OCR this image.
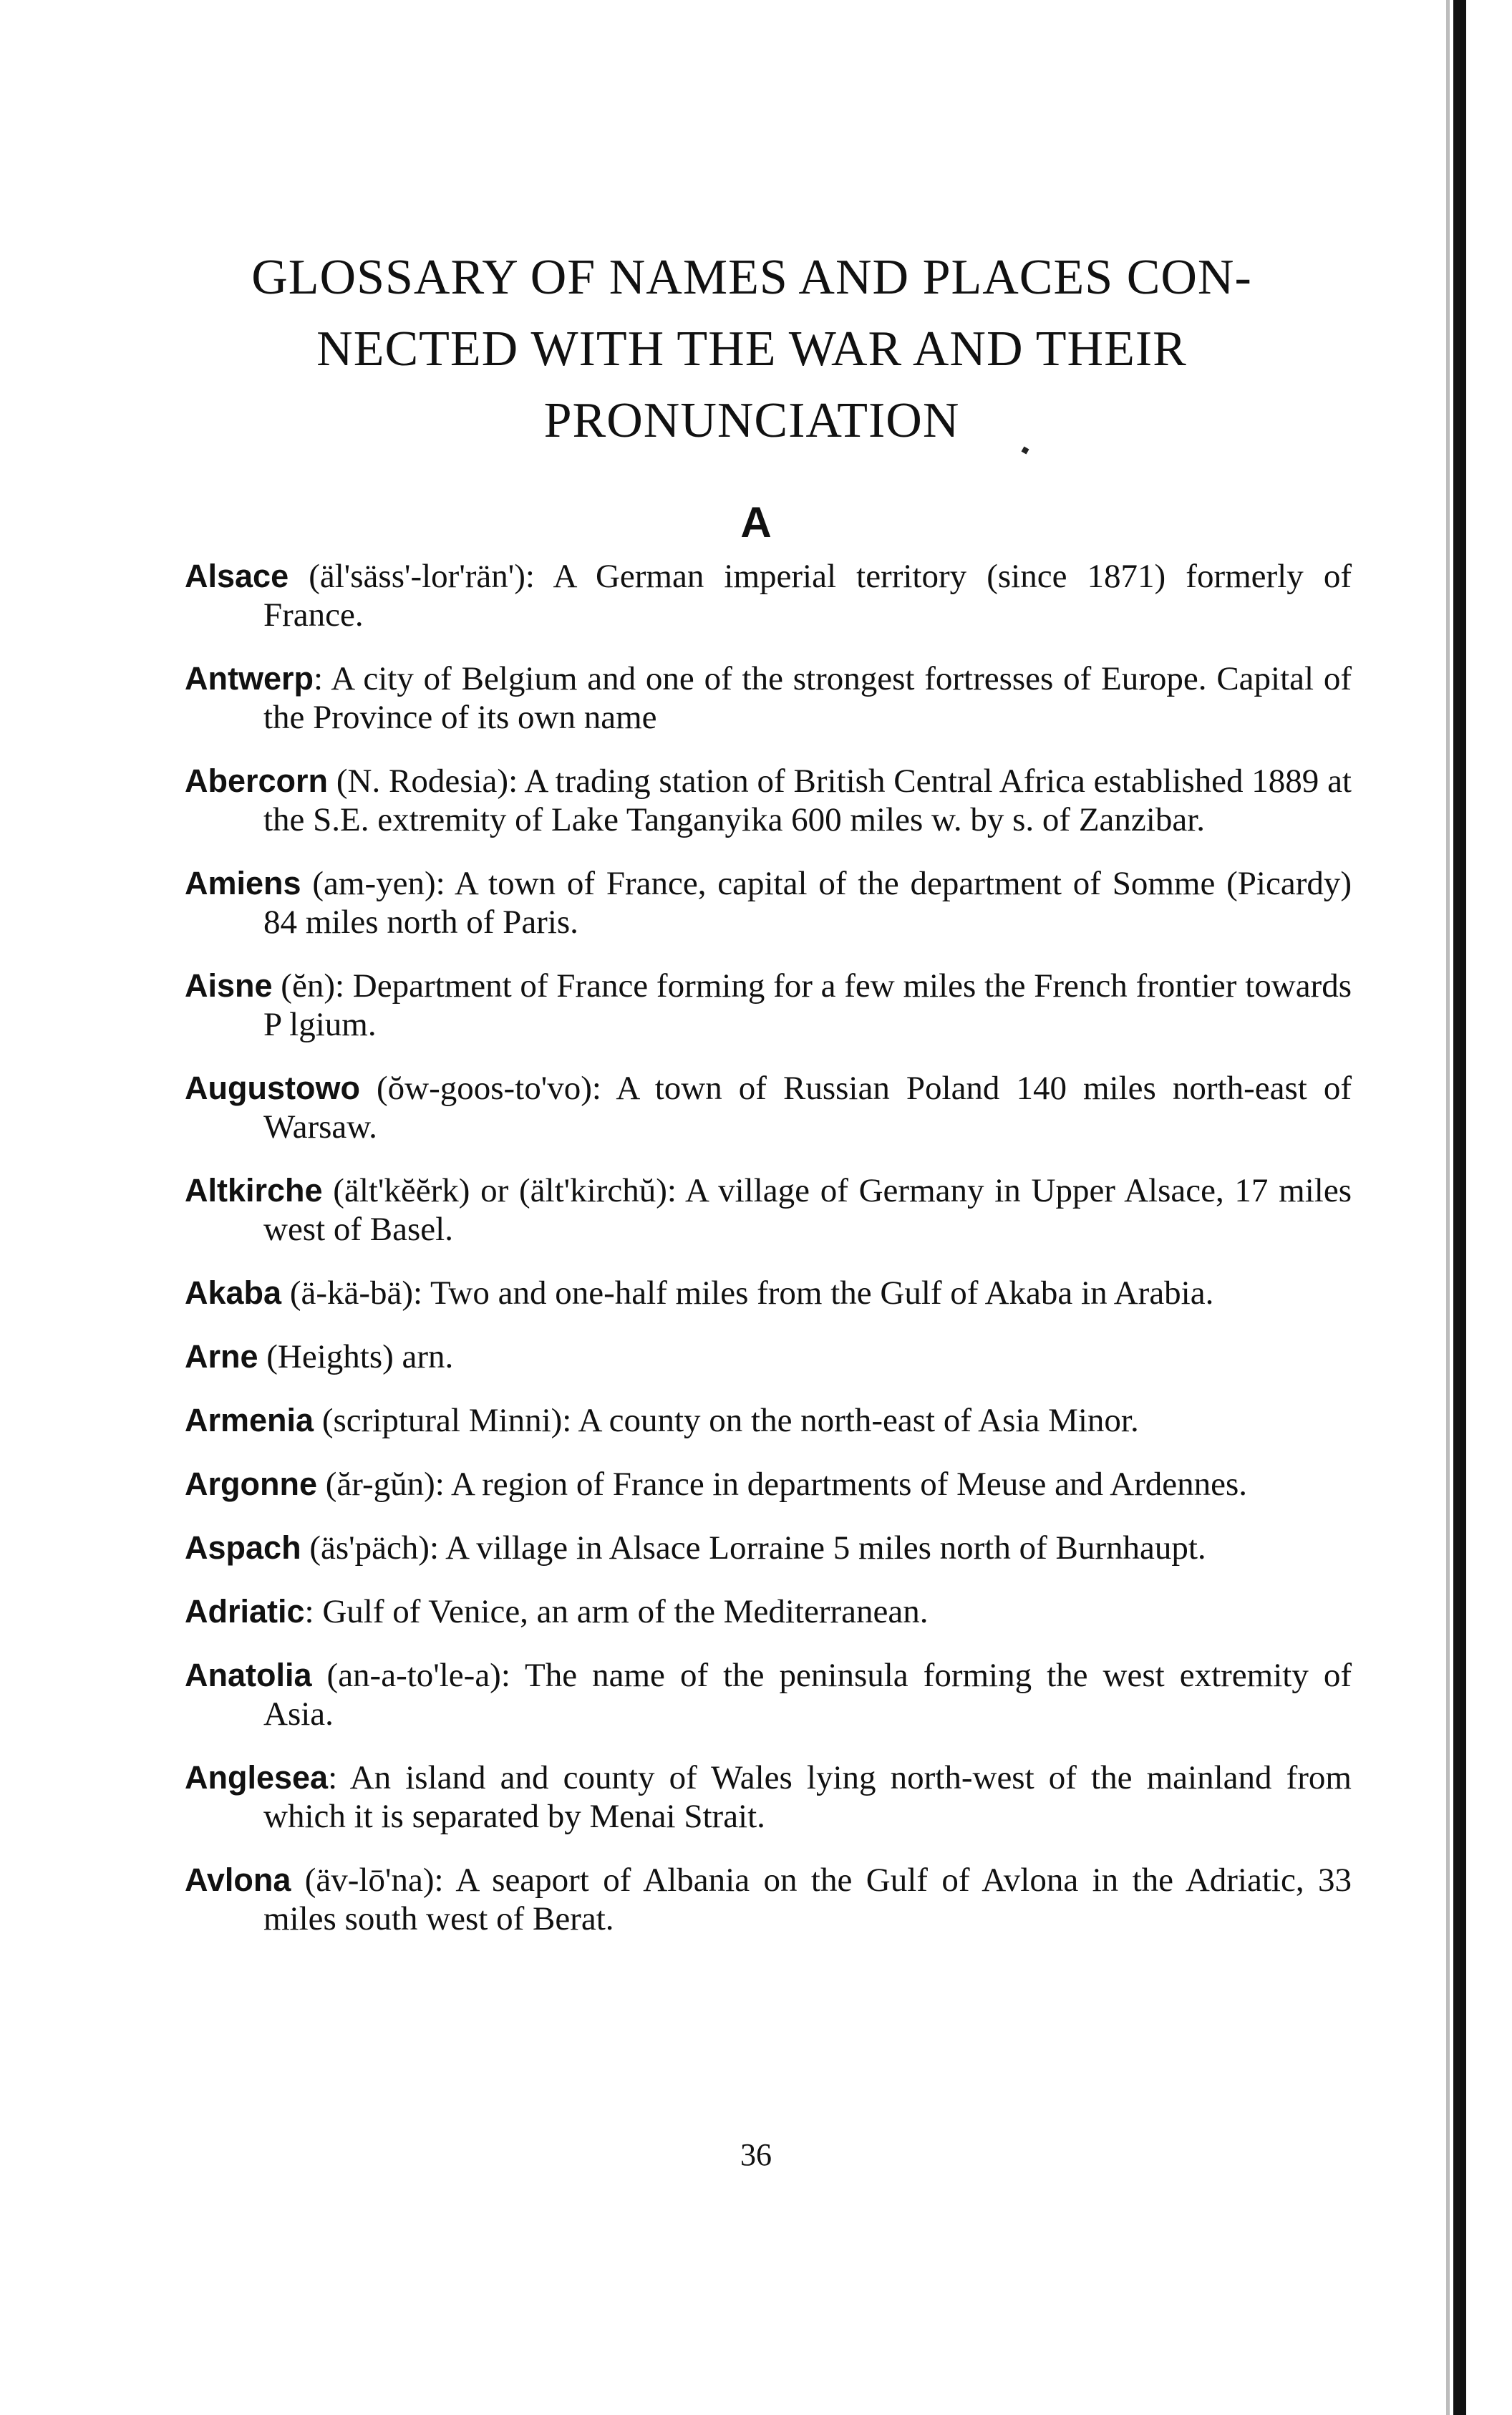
GLOSSARY OF NAMES AND PLACES CON-
NECTED WITH THE WAR AND THEIR
PRONUNCIATION
A

Alsace (äl'säss'-lor'rän'): A German imperial territory (since 1871) formerly of France.

Antwerp: A city of Belgium and one of the strongest fortresses of Europe. Capital of the Province of its own name

Abercorn (N. Rodesia): A trading station of British Central Africa established 1889 at the S.E. extremity of Lake Tanganyika 600 miles w. by s. of Zanzibar.

Amiens (am-yen): A town of France, capital of the department of Somme (Picardy) 84 miles north of Paris.

Aisne (ĕn): Department of France forming for a few miles the French frontier towards P lgium.

Augustowo (ŏw-goos-to'vo): A town of Russian Poland 140 miles north-east of Warsaw.

Altkirche (ält'kĕĕrk) or (ält'kirchŭ): A village of Germany in Upper Alsace, 17 miles west of Basel.

Akaba (ä-kä-bä): Two and one-half miles from the Gulf of Akaba in Arabia.

Arne (Heights) arn.

Armenia (scriptural Minni): A county on the north-east of Asia Minor.

Argonne (ăr-gŭn): A region of France in departments of Meuse and Ardennes.

Aspach (äs'päch): A village in Alsace Lorraine 5 miles north of Burnhaupt.

Adriatic: Gulf of Venice, an arm of the Mediterranean.

Anatolia (an-a-to'le-a): The name of the peninsula forming the west extremity of Asia.

Anglesea: An island and county of Wales lying north-west of the mainland from which it is separated by Menai Strait.

Avlona (äv-lō'na): A seaport of Albania on the Gulf of Avlona in the Adriatic, 33 miles south west of Berat.

36
